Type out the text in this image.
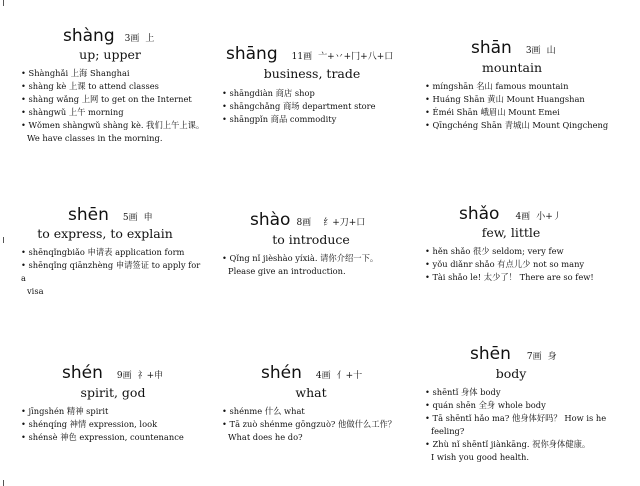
shàng 3画 上
up; upper
• Shànghǎi 上海 Shanghai
• shàng kè 上课 to attend classes
• shàng wǎng 上网 to get on the Internet
• shàngwǔ 上午 morning
• Wǒmen shàngwǔ shàng kè. 我们上午上课。
We have classes in the morning.
shāng 11画 亠+丷+冂+八+口
business, trade
• shāngdiàn 商店 shop
• shāngchǎng 商场 department store
• shāngpǐn 商品 commodity
shān 3画 山
mountain
• míngshān 名山 famous mountain
• Huáng Shān 黄山 Mount Huangshan
• Éméi Shān 峨眉山 Mount Emei
• Qīngchéng Shān 青城山 Mount Qingcheng
shēn 5画 申
to express, to explain
• shēnqǐngbiǎo 申请表 application form
• shēnqǐng qiānzhèng 申请签证 to apply for a
visa
shào 8画 纟+刀+口
to introduce
• Qǐng nǐ jièshào yíxià. 请你介绍一下。
Please give an introduction.
shǎo 4画 小+丿
few, little
• hěn shǎo 很少 seldom; very few
• yǒu diǎnr shǎo 有点儿少 not so many
• Tài shǎo le! 太少了！ There are so few!
shén 9画 礻+申
spirit, god
• jīngshén 精神 spirit
• shénqíng 神情 expression, look
• shénsè 神色 expression, countenance
shén 4画 亻+十
what
• shénme 什么 what
• Tā zuò shénme gōngzuò? 他做什么工作？
What does he do?
shēn 7画 身
body
• shēntǐ 身体 body
• quán shēn 全身 whole body
• Tā shēntǐ hǎo ma? 他身体好吗？ How is he
feeling?
• Zhù nǐ shēntǐ jiànkāng. 祝你身体健康。
I wish you good health.
